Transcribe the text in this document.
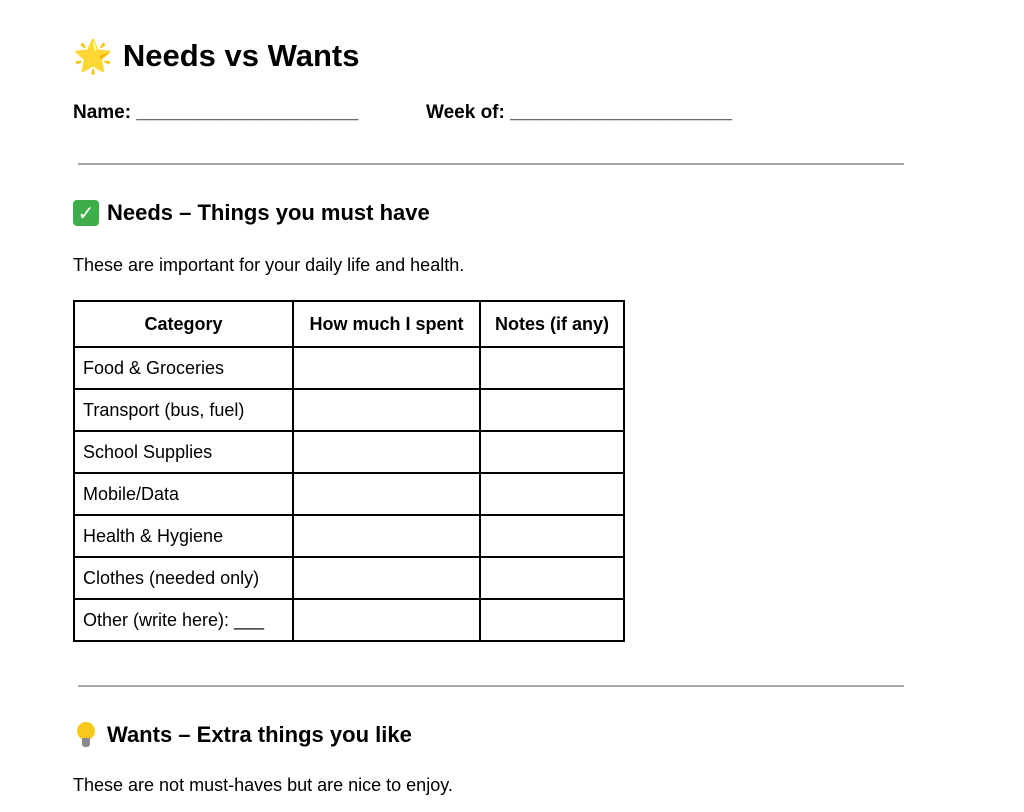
🌟 Needs vs Wants
Name: _____________________	Week of: _____________________
✓ Needs – Things you must have
These are important for your daily life and health.
Category	How much I spent	Notes (if any)
Food & Groceries		
Transport (bus, fuel)		
School Supplies		
Mobile/Data		
Health & Hygiene		
Clothes (needed only)		
Other (write here): ___		
Wants – Extra things you like
These are not must-haves but are nice to enjoy.
